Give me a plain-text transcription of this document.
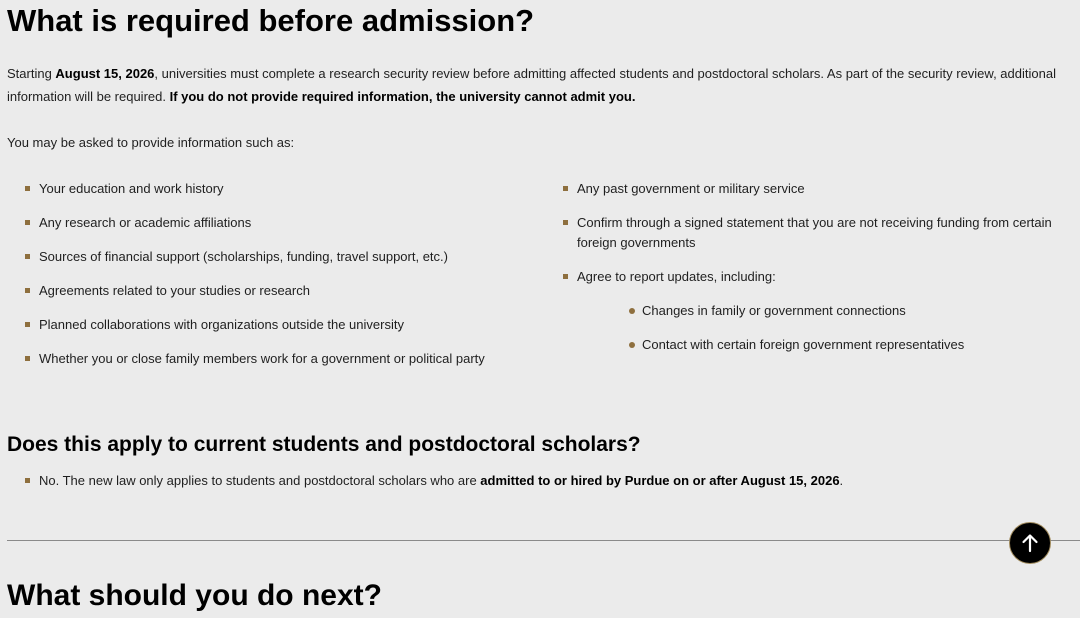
What is required before admission?

Starting August 15, 2026, universities must complete a research security review before admitting affected students and postdoctoral scholars. As part of the security review, additional information will be required. If you do not provide required information, the university cannot admit you.

You may be asked to provide information such as:

Your education and work history
Any research or academic affiliations
Sources of financial support (scholarships, funding, travel support, etc.)
Agreements related to your studies or research
Planned collaborations with organizations outside the university
Whether you or close family members work for a government or political party
Any past government or military service
Confirm through a signed statement that you are not receiving funding from certain foreign governments
Agree to report updates, including:
Changes in family or government connections
Contact with certain foreign government representatives
Does this apply to current students and postdoctoral scholars?
No. The new law only applies to students and postdoctoral scholars who are admitted to or hired by Purdue on or after August 15, 2026.
What should you do next?
